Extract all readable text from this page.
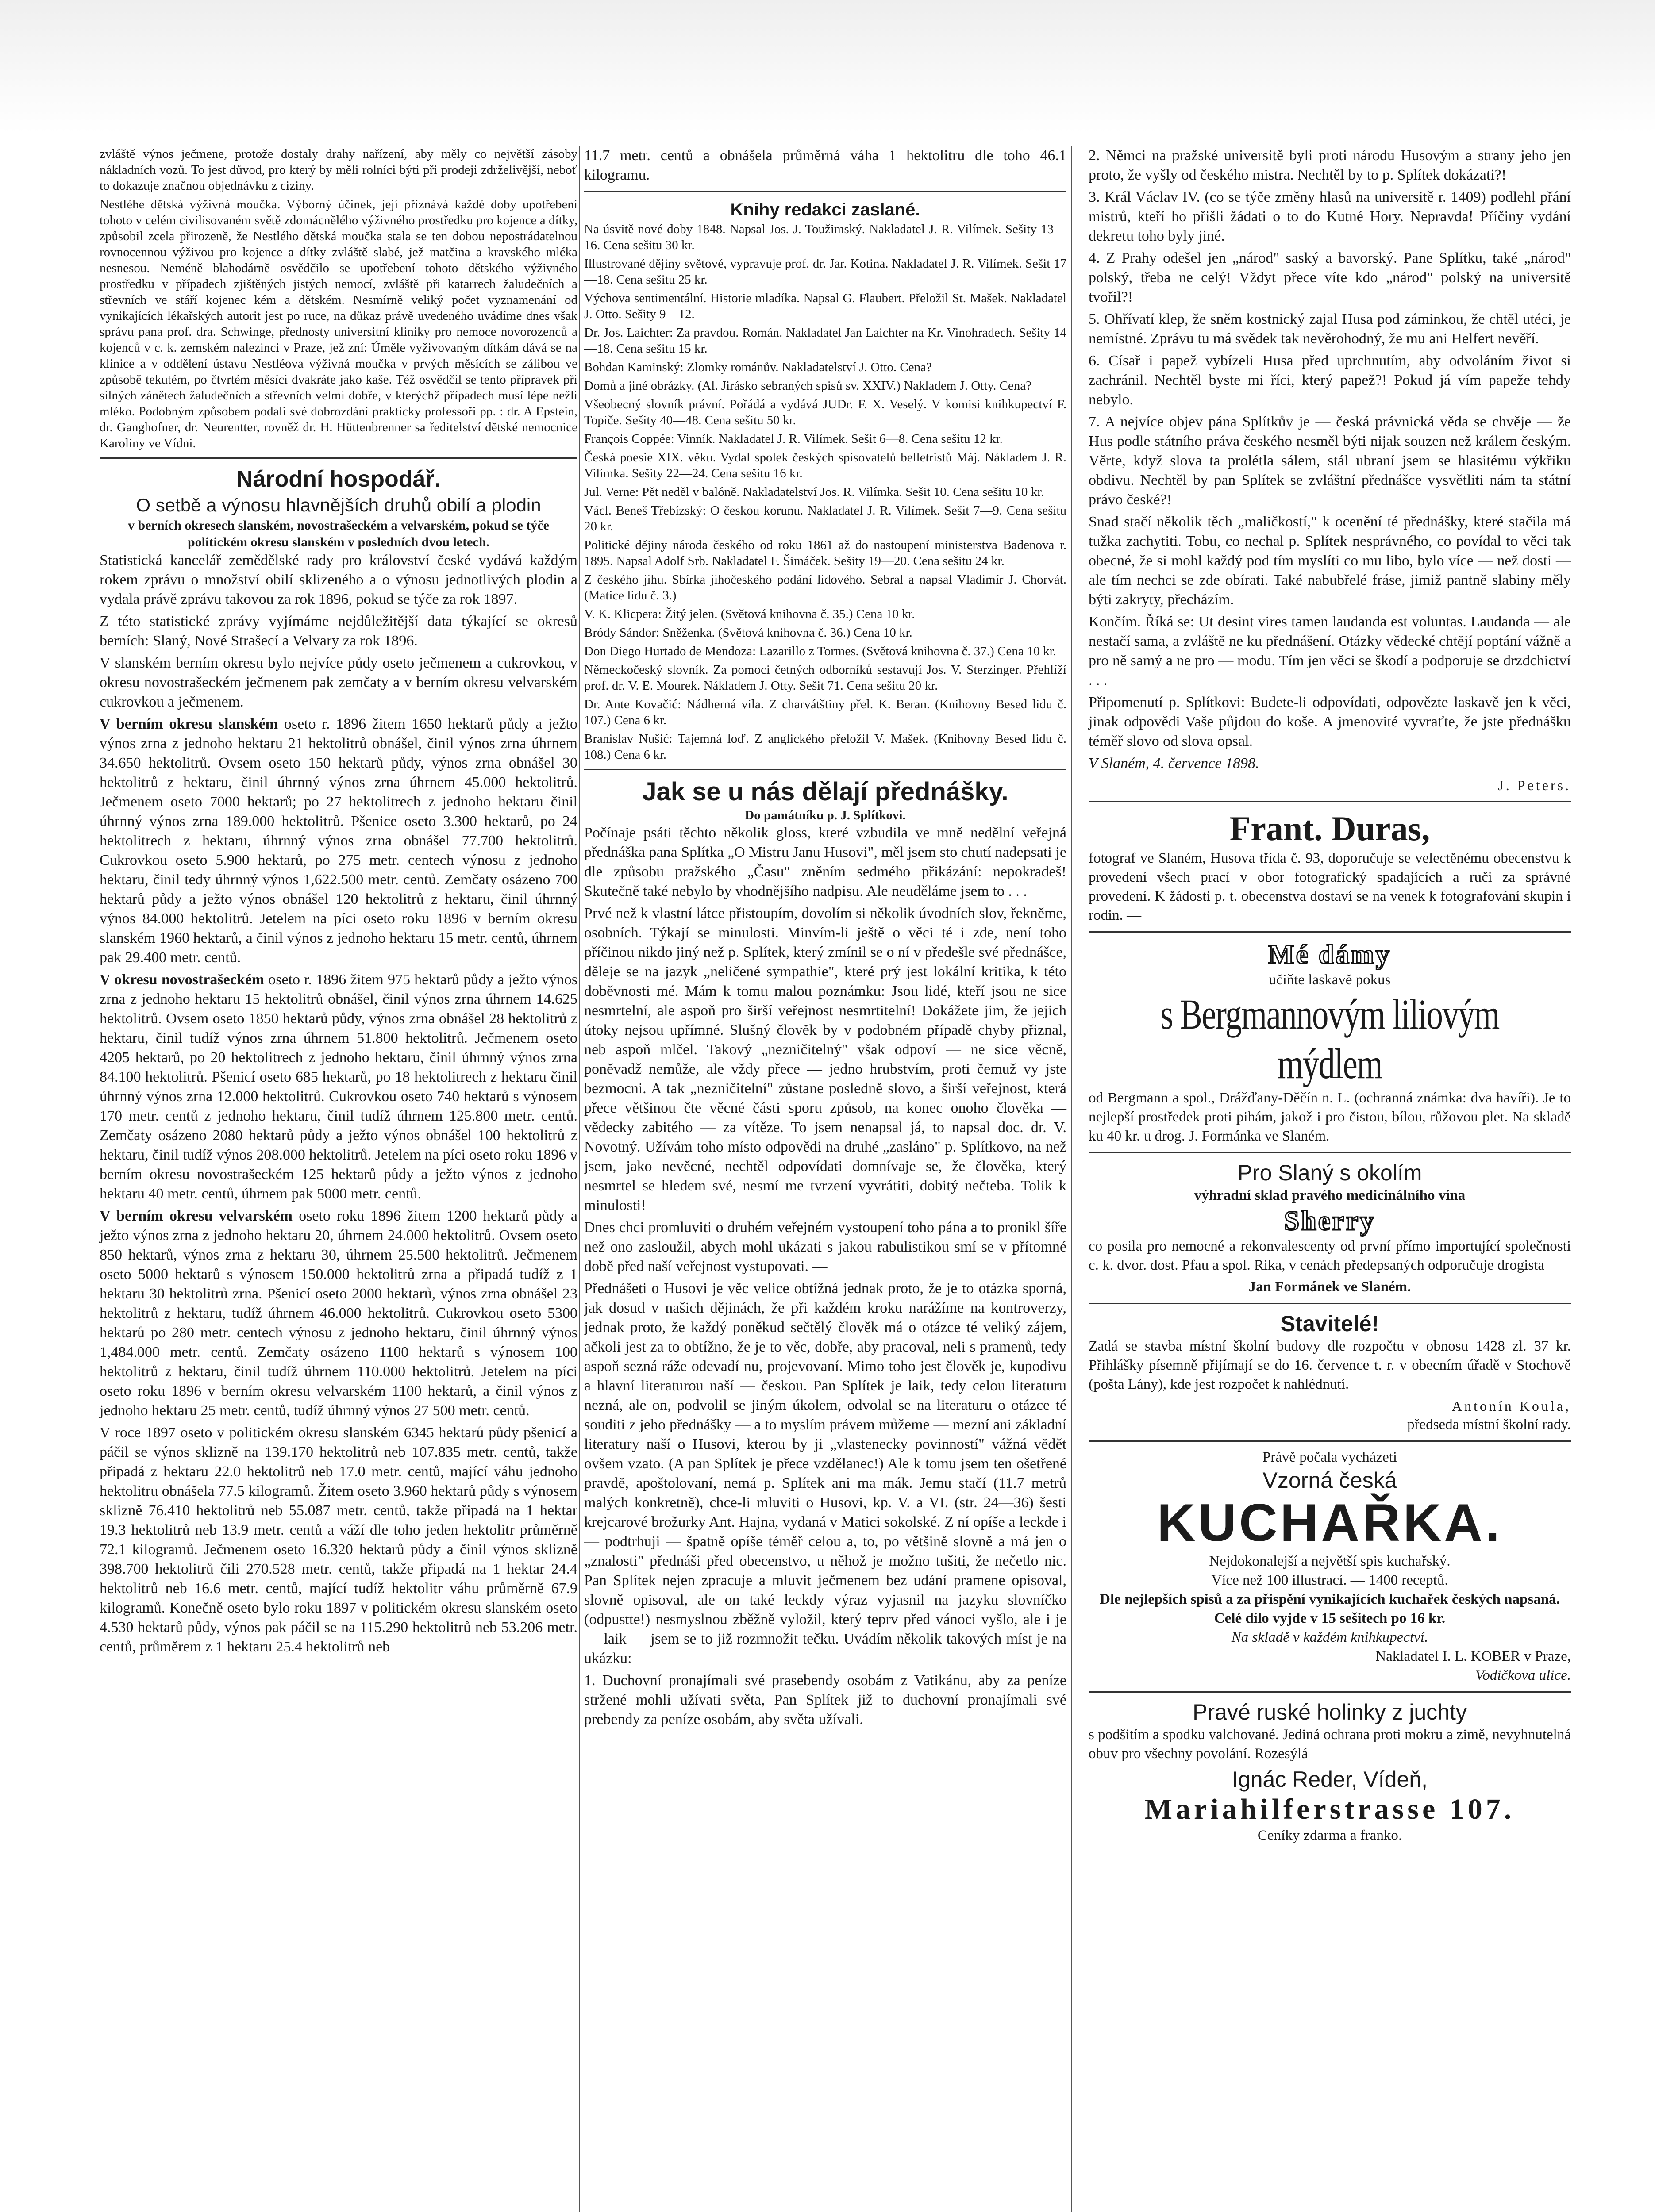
zvláště výnos ječmene, protože dostaly drahy nařízení, aby měly co největší zásoby nákladních vozů. To jest důvod, pro který by měli rolníci býti při prodeji zdrželivější, neboť to dokazuje značnou objednávku z ciziny.

Nestléhe dětská výživná moučka. Výborný účinek, její přiznává každé doby upotřebení tohoto v celém civilisovaném světě zdomácnělého výživného prostředku pro kojence a dítky, způsobil zcela přirozeně, že Nestlého dětská moučka stala se ten dobou nepostrádatelnou rovnocennou výživou pro kojence a dítky zvláště slabé, jež matčina a kravského mléka nesnesou. Neméně blahodárně osvědčilo se upotřebení tohoto dětského výživného prostředku v případech zjištěných jistých nemocí, zvláště při katarrech žaludečních a střevních ve stáří kojenec kém a dětském. Nesmírně veliký počet vyznamenání od vynikajících lékařských autorit jest po ruce, na důkaz právě uvedeného uvádíme dnes však správu pana prof. dra. Schwinge, přednosty universitní kliniky pro nemoce novorozenců a kojenců v c. k. zemském nalezinci v Praze, jež zní: Úměle vyživovaným dítkám dává se na klinice a v oddělení ústavu Nestléova výživná moučka v prvých měsících se zálibou ve způsobě tekutém, po čtvrtém měsíci dvakráte jako kaše. Též osvědčil se tento přípravek při silných zánětech žaludečních a střevních velmi dobře, v kterýchž případech musí lépe nežli mléko. Podobným způsobem podali své dobrozdání prakticky professoři pp. : dr. A Epstein, dr. Ganghofner, dr. Neurentter, rovněž dr. H. Hüttenbrenner sa ředitelství dětské nemocnice Karoliny ve Vídni.

Národní hospodář.
O setbě a výnosu hlavnějších druhů obilí a plodin
v berních okresech slanském, novostrašeckém a velvarském, pokud se týče politickém okresu slanském v posledních dvou letech.

Statistická kancelář zemědělské rady pro království české vydává každým rokem zprávu o množství obilí sklizeného a o výnosu jednotlivých plodin a vydala právě zprávu takovou za rok 1896, pokud se týče za rok 1897.

Z této statistické zprávy vyjímáme nejdůležitější data týkající se okresů berních: Slaný, Nové Strašecí a Velvary za rok 1896.

V slanském berním okresu bylo nejvíce půdy oseto ječmenem a cukrovkou, v okresu novostrašeckém ječmenem pak zemčaty a v berním okresu velvarském cukrovkou a ječmenem.

V berním okresu slanském oseto r. 1896 žitem 1650 hektarů půdy a ježto výnos zrna z jednoho hektaru 21 hektolitrů obnášel, činil výnos zrna úhrnem 34.650 hektolitrů. Ovsem oseto 150 hektarů půdy, výnos zrna obnášel 30 hektolitrů z hektaru, činil úhrnný výnos zrna úhrnem 45.000 hektolitrů. Ječmenem oseto 7000 hektarů; po 27 hektolitrech z jednoho hektaru činil úhrnný výnos zrna 189.000 hektolitrů. Pšenice oseto 3.300 hektarů, po 24 hektolitrech z hektaru, úhrnný výnos zrna obnášel 77.700 hektolitrů. Cukrovkou oseto 5.900 hektarů, po 275 metr. centech výnosu z jednoho hektaru, činil tedy úhrnný výnos 1,622.500 metr. centů. Zemčaty osázeno 700 hektarů půdy a ježto výnos obnášel 120 hektolitrů z hektaru, činil úhrnný výnos 84.000 hektolitrů. Jetelem na píci oseto roku 1896 v berním okresu slanském 1960 hektarů, a činil výnos z jednoho hektaru 15 metr. centů, úhrnem pak 29.400 metr. centů.

V okresu novostrašeckém oseto r. 1896 žitem 975 hektarů půdy a ježto výnos zrna z jednoho hektaru 15 hektolitrů obnášel, činil výnos zrna úhrnem 14.625 hektolitrů. Ovsem oseto 1850 hektarů půdy, výnos zrna obnášel 28 hektolitrů z hektaru, činil tudíž výnos zrna úhrnem 51.800 hektolitrů. Ječmenem oseto 4205 hektarů, po 20 hektolitrech z jednoho hektaru, činil úhrnný výnos zrna 84.100 hektolitrů. Pšenicí oseto 685 hektarů, po 18 hektolitrech z hektaru činil úhrnný výnos zrna 12.000 hektolitrů. Cukrovkou oseto 740 hektarů s výnosem 170 metr. centů z jednoho hektaru, činil tudíž úhrnem 125.800 metr. centů. Zemčaty osázeno 2080 hektarů půdy a ježto výnos obnášel 100 hektolitrů z hektaru, činil tudíž výnos 208.000 hektolitrů. Jetelem na píci oseto roku 1896 v berním okresu novostrašeckém 125 hektarů půdy a ježto výnos z jednoho hektaru 40 metr. centů, úhrnem pak 5000 metr. centů.

V berním okresu velvarském oseto roku 1896 žitem 1200 hektarů půdy a ježto výnos zrna z jednoho hektaru 20, úhrnem 24.000 hektolitrů. Ovsem oseto 850 hektarů, výnos zrna z hektaru 30, úhrnem 25.500 hektolitrů. Ječmenem oseto 5000 hektarů s výnosem 150.000 hektolitrů zrna a připadá tudíž z 1 hektaru 30 hektolitrů zrna. Pšenicí oseto 2000 hektarů, výnos zrna obnášel 23 hektolitrů z hektaru, tudíž úhrnem 46.000 hektolitrů. Cukrovkou oseto 5300 hektarů po 280 metr. centech výnosu z jednoho hektaru, činil úhrnný výnos 1,484.000 metr. centů. Zemčaty osázeno 1100 hektarů s výnosem 100 hektolitrů z hektaru, činil tudíž úhrnem 110.000 hektolitrů. Jetelem na píci oseto roku 1896 v berním okresu velvarském 1100 hektarů, a činil výnos z jednoho hektaru 25 metr. centů, tudíž úhrnný výnos 27 500 metr. centů.

V roce 1897 oseto v politickém okresu slanském 6345 hektarů půdy pšenicí a páčil se výnos sklizně na 139.170 hektolitrů neb 107.835 metr. centů, takže připadá z hektaru 22.0 hektolitrů neb 17.0 metr. centů, mající váhu jednoho hektolitru obnášela 77.5 kilogramů. Žitem oseto 3.960 hektarů půdy s výnosem sklizně 76.410 hektolitrů neb 55.087 metr. centů, takže připadá na 1 hektar 19.3 hektolitrů neb 13.9 metr. centů a váží dle toho jeden hektolitr průměrně 72.1 kilogramů. Ječmenem oseto 16.320 hektarů půdy a činil výnos sklizně 398.700 hektolitrů čili 270.528 metr. centů, takže připadá na 1 hektar 24.4 hektolitrů neb 16.6 metr. centů, mající tudíž hektolitr váhu průměrně 67.9 kilogramů. Konečně oseto bylo roku 1897 v politickém okresu slanském oseto 4.530 hektarů půdy, výnos pak páčil se na 115.290 hektolitrů neb 53.206 metr. centů, průměrem z 1 hektaru 25.4 hektolitrů neb

11.7 metr. centů a obnášela průměrná váha 1 hektolitru dle toho 46.1 kilogramu.

Knihy redakci zaslané.

Na úsvitě nové doby 1848. Napsal Jos. J. Toužimský. Nakladatel J. R. Vilímek. Sešity 13—16. Cena sešitu 30 kr.

Illustrované dějiny světové, vypravuje prof. dr. Jar. Kotina. Nakladatel J. R. Vilímek. Sešit 17—18. Cena sešitu 25 kr.

Výchova sentimentální. Historie mladíka. Napsal G. Flaubert. Přeložil St. Mašek. Nakladatel J. Otto. Sešity 9—12.

Dr. Jos. Laichter: Za pravdou. Román. Nakladatel Jan Laichter na Kr. Vinohradech. Sešity 14—18. Cena sešitu 15 kr.

Bohdan Kaminský: Zlomky románův. Nakladatelství J. Otto. Cena?

Domů a jiné obrázky. (Al. Jirásko sebraných spisů sv. XXIV.) Nakladem J. Otty. Cena?

Všeobecný slovník právní. Pořádá a vydává JUDr. F. X. Veselý. V komisi knihkupectví F. Topiče. Sešity 40—48. Cena sešitu 50 kr.

François Coppée: Vinník. Nakladatel J. R. Vilímek. Sešit 6—8. Cena sešitu 12 kr.

Česká poesie XIX. věku. Vydal spolek českých spisovatelů belletristů Máj. Nákladem J. R. Vilímka. Sešity 22—24. Cena sešitu 16 kr.

Jul. Verne: Pět neděl v balóně. Nakladatelství Jos. R. Vilímka. Sešit 10. Cena sešitu 10 kr.

Václ. Beneš Třebízský: O českou korunu. Nakladatel J. R. Vilímek. Sešit 7—9. Cena sešitu 20 kr.

Politické dějiny národa českého od roku 1861 až do nastoupení ministerstva Badenova r. 1895. Napsal Adolf Srb. Nakladatel F. Šimáček. Sešity 19—20. Cena sešitu 24 kr.

Z českého jihu. Sbírka jihočeského podání lidového. Sebral a napsal Vladimír J. Chorvát. (Matice lidu č. 3.)

V. K. Klicpera: Žitý jelen. (Světová knihovna č. 35.) Cena 10 kr.

Bródy Sándor: Sněženka. (Světová knihovna č. 36.) Cena 10 kr.

Don Diego Hurtado de Mendoza: Lazarillo z Tormes. (Světová knihovna č. 37.) Cena 10 kr.

Německočeský slovník. Za pomoci četných odborníků sestavují Jos. V. Sterzinger. Přehlíží prof. dr. V. E. Mourek. Nákladem J. Otty. Sešit 71. Cena sešitu 20 kr.

Dr. Ante Kovačić: Nádherná vila. Z charvátštiny přel. K. Beran. (Knihovny Besed lidu č. 107.) Cena 6 kr.

Branislav Nušić: Tajemná loď. Z anglického přeložil V. Mašek. (Knihovny Besed lidu č. 108.) Cena 6 kr.

Jak se u nás dělají přednášky.
Do památníku p. J. Splítkovi.

Počínaje psáti těchto několik gloss, které vzbudila ve mně nedělní veřejná přednáška pana Splítka „O Mistru Janu Husovi", měl jsem sto chutí nadepsati je dle způsobu pražského „Času" zněním sedmého přikázání: nepokradeš! Skutečně také nebylo by vhodnějšího nadpisu. Ale neuděláme jsem to . . .

Prvé než k vlastní látce přistoupím, dovolím si několik úvodních slov, řekněme, osobních. Týkají se minulosti. Minvím-li ještě o věci té i zde, není toho příčinou nikdo jiný než p. Splítek, který zmínil se o ní v předešle své přednášce, děleje se na jazyk „neličené sympathie", které prý jest lokální kritika, k této doběvnosti mé. Mám k tomu malou poznámku: Jsou lidé, kteří jsou ne sice nesmrtelní, ale aspoň pro širší veřejnost nesmrtitelní! Dokážete jim, že jejich útoky nejsou upřímné. Slušný člověk by v podobném případě chyby přiznal, neb aspoň mlčel. Takový „nezničitelný" však odpoví — ne sice věcně, poněvadž nemůže, ale vždy přece — jedno hrubstvím, proti čemuž vy jste bezmocni. A tak „nezničitelní" zůstane posledně slovo, a širší veřejnost, která přece většinou čte věcné části sporu způsob, na konec onoho člověka — vědecky zabitého — za vítěze. To jsem nenapsal já, to napsal doc. dr. V. Novotný. Užívám toho místo odpovědi na druhé „zasláno" p. Splítkovo, na než jsem, jako nevěcné, nechtěl odpovídati domnívaje se, že člověka, který nesmrtel se hledem své, nesmí me tvrzení vyvrátiti, dobitý nečteba. Tolik k minulosti!

Dnes chci promluviti o druhém veřejném vystoupení toho pána a to pronikl šíře než ono zasloužil, abych mohl ukázati s jakou rabulistikou smí se v přítomné době před naší veřejnost vystupovati. —

Přednášeti o Husovi je věc velice obtížná jednak proto, že je to otázka sporná, jak dosud v našich dějinách, že při každém kroku narážíme na kontroverzy, jednak proto, že každý poněkud sečtělý člověk má o otázce té veliký zájem, ačkoli jest za to obtížno, že je to věc, dobře, aby pracoval, neli s pramenů, tedy aspoň sezná ráže odevadí nu, projevovaní. Mimo toho jest člověk je, kupodivu a hlavní literaturou naší — českou. Pan Splítek je laik, tedy celou literaturu nezná, ale on, podvolil se jiným úkolem, odvolal se na literaturu o otázce té souditi z jeho přednášky — a to myslím právem můžeme — mezní ani základní literatury naší o Husovi, kterou by ji „vlastenecky povinností" vážná vědět ovšem vzato. (A pan Splítek je přece vzdělanec!) Ale k tomu jsem ten ošetřené pravdě, apoštolovaní, nemá p. Splítek ani ma mák. Jemu stačí (11.7 metrů malých konkretně), chce-li mluviti o Husovi, kp. V. a VI. (str. 24—36) šesti krejcarové brožurky Ant. Hajna, vydaná v Matici sokolské. Z ní opíše a leckde i — podtrhuji — špatně opíše téměř celou a, to, po většině slovně a má jen o „znalosti" přednáši před obecenstvo, u něhož je možno tušiti, že nečetlo nic. Pan Splítek nejen zpracuje a mluvit ječmenem bez udání pramene opisoval, slovně opisoval, ale on také leckdy výraz vyjasnil na jazyku slovníčko (odpustte!) nesmyslnou zběžně vyložil, který teprv před vánoci vyšlo, ale i je — laik — jsem se to již rozmnožit tečku. Uvádím několik takových míst je na ukázku:

1. Duchovní pronajímali své prasebendy osobám z Vatikánu, aby za peníze stržené mohli užívati světa, Pan Splítek již to duchovní pronajímali své prebendy za peníze osobám, aby světa užívali.

2. Němci na pražské universitě byli proti národu Husovým a strany jeho jen proto, že vyšly od českého mistra. Nechtěl by to p. Splítek dokázati?!

3. Král Václav IV. (co se týče změny hlasů na universitě r. 1409) podlehl přání mistrů, kteří ho přišli žádati o to do Kutné Hory. Nepravda! Příčiny vydání dekretu toho byly jiné.

4. Z Prahy odešel jen „národ" saský a bavorský. Pane Splítku, také „národ" polský, třeba ne celý! Vždyt přece víte kdo „národ" polský na universitě tvořil?!

5. Ohřívatí klep, že sněm kostnický zajal Husa pod záminkou, že chtěl utéci, je nemístné. Zprávu tu má svědek tak nevěrohodný, že mu ani Helfert nevěří.

6. Císař i papež vybízeli Husa před uprchnutím, aby odvoláním život si zachránil. Nechtěl byste mi říci, který papež?! Pokud já vím papeže tehdy nebylo.

7. A nejvíce objev pána Splítkův je — česká právnická věda se chvěje — že Hus podle státního práva českého nesměl býti nijak souzen než králem českým. Věrte, když slova ta prolétla sálem, stál ubraní jsem se hlasitému výkřiku obdivu. Nechtěl by pan Splítek se zvláštní přednášce vysvětliti nám ta státní právo české?!

Snad stačí několik těch „maličkostí," k ocenění té přednášky, které stačila má tužka zachytiti. Tobu, co nechal p. Splítek nesprávného, co povídal to věci tak obecné, že si mohl každý pod tím myslíti co mu libo, bylo více — než dosti — ale tím nechci se zde obírati. Také nabubřelé fráse, jimiž pantně slabiny měly býti zakryty, přecházím.

Končím. Říká se: Ut desint vires tamen laudanda est voluntas. Laudanda — ale nestačí sama, a zvláště ne ku přednášení. Otázky vědecké chtějí poptání vážně a pro ně samý a ne pro — modu. Tím jen věci se škodí a podporuje se drzdchictví . . .

Připomenutí p. Splítkovi: Budete-li odpovídati, odpovězte laskavě jen k věci, jinak odpovědi Vaše půjdou do koše. A jmenovité vyvraťte, že jste přednášku téměř slovo od slova opsal.

V Slaném, 4. července 1898.

J. Peters.
Frant. Duras,

fotograf ve Slaném, Husova třída č. 93, doporučuje se velectěnému obecenstvu k provedení všech prací v obor fotografický spadajících a ruči za správné provedení. K žádosti p. t. obecenstva dostaví se na venek k fotografování skupin i rodin. —

Mé dámy
učiňte laskavě pokus
s Bergmannovým liliovým mýdlem

od Bergmann a spol., Drážďany-Děčín n. L. (ochranná známka: dva havíři). Je to nejlepší prostředek proti pihám, jakož i pro čistou, bílou, růžovou plet. Na skladě ku 40 kr. u drog. J. Formánka ve Slaném.

Pro Slaný s okolím
výhradní sklad pravého medicinálního vína
Sherry

co posila pro nemocné a rekonvalescenty od první přímo importující společnosti c. k. dvor. dost. Pfau a spol. Rika, v cenách předepsaných odporučuje drogista

Jan Formánek ve Slaném.
Stavitelé!

Zadá se stavba místní školní budovy dle rozpočtu v obnosu 1428 zl. 37 kr. Přihlášky písemně přijímají se do 16. července t. r. v obecním úřadě v Stochově (pošta Lány), kde jest rozpočet k nahlédnutí.

Antonín Koula,
předseda místní školní rady.
Právě počala vycházeti
Vzorná česká
KUCHAŘKA.
Nejdokonalejší a největší spis kuchařský.
Více než 100 illustrací. — 1400 receptů.
Dle nejlepších spisů a za přispění vynikajících kuchařek českých napsaná.
Celé dílo vyjde v 15 sešitech po 16 kr.
Na skladě v každém knihkupectví.
Nakladatel I. L. KOBER v Praze,
Vodičkova ulice.
Pravé ruské holinky z juchty

s podšitím a spodku valchované. Jediná ochrana proti mokru a zimě, nevyhnutelná obuv pro všechny povolání. Rozesýlá

Ignác Reder, Vídeň,
Mariahilferstrasse 107.
Ceníky zdarma a franko.
